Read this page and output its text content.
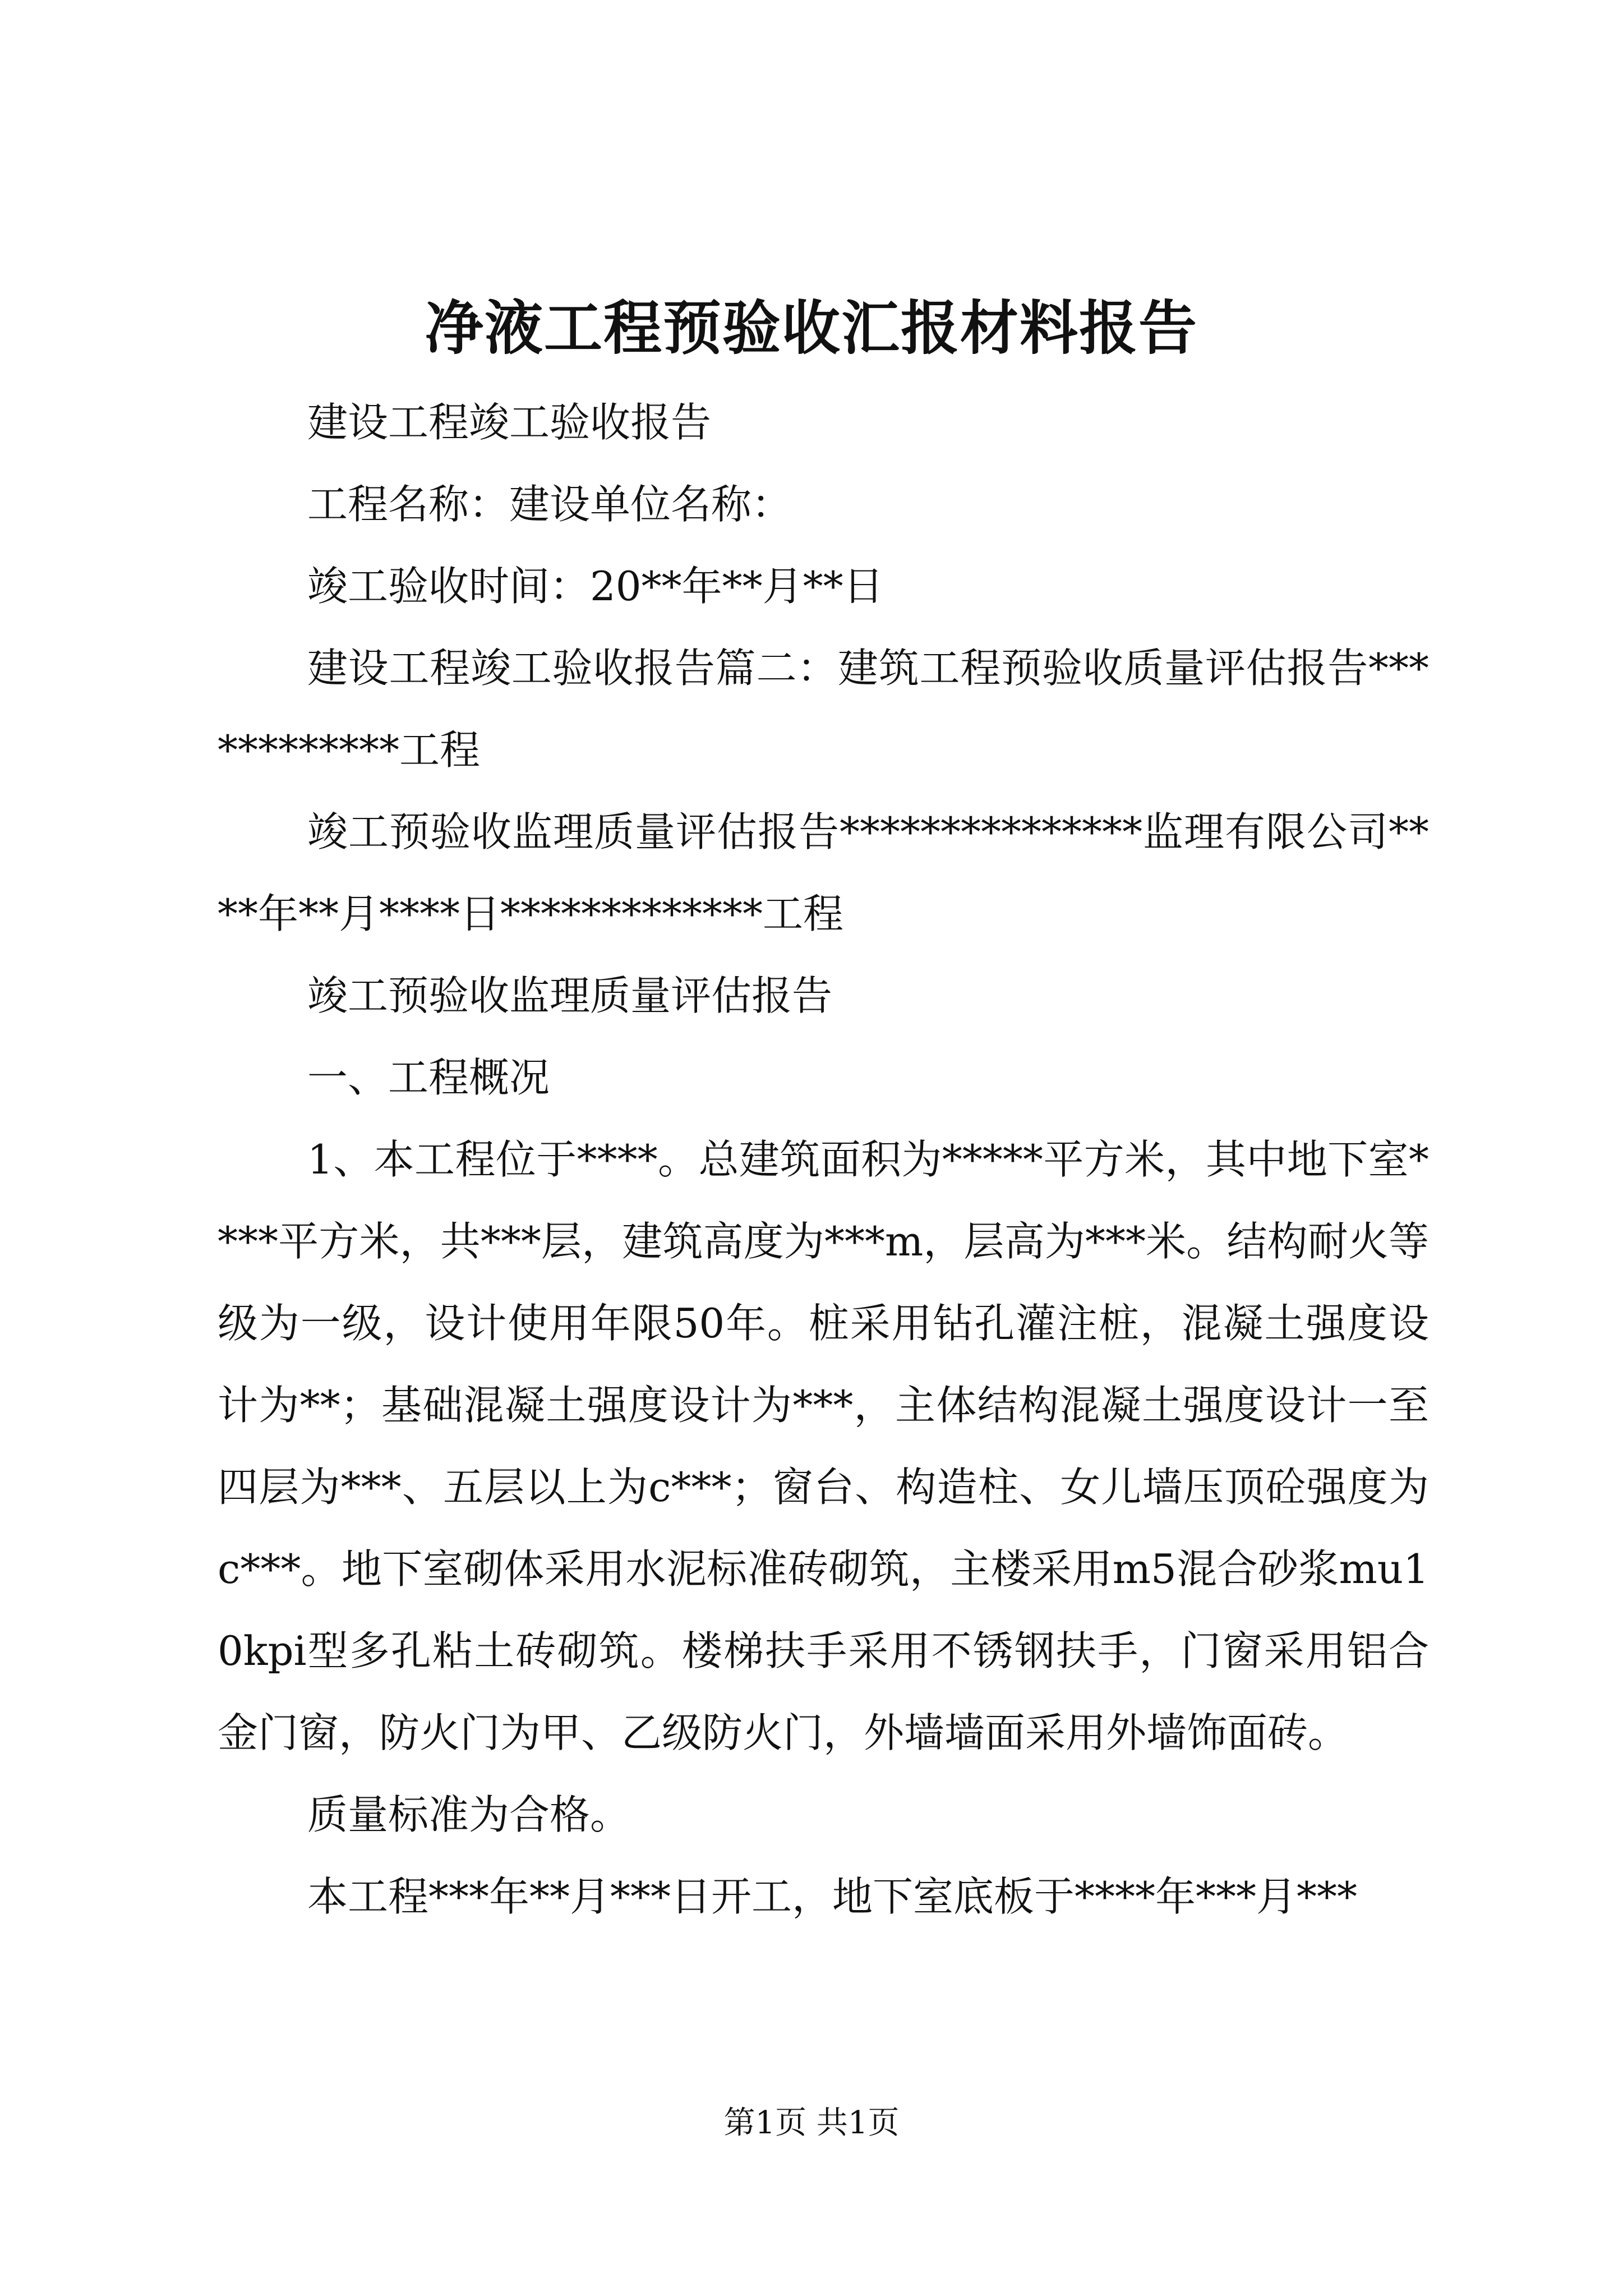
净液工程预验收汇报材料报告

建设工程竣工验收报告

工程名称：建设单位名称：

竣工验收时间：20**年**月**日

建设工程竣工验收报告篇二：建筑工程预验收质量评估报告************工程

竣工预验收监理质量评估报告***************监理有限公司****年**月****日*************工程

竣工预验收监理质量评估报告

一、工程概况

1、本工程位于****。总建筑面积为*****平方米，其中地下室****平方米，共***层，建筑高度为***m，层高为***米。结构耐火等级为一级，设计使用年限50年。桩采用钻孔灌注桩，混凝土强度设计为**；基础混凝土强度设计为***，主体结构混凝土强度设计一至四层为***、五层以上为c***；窗台、构造柱、女儿墙压顶砼强度为c***。地下室砌体采用水泥标准砖砌筑，主楼采用m5混合砂浆mu10kpi型多孔粘土砖砌筑。楼梯扶手采用不锈钢扶手，门窗采用铝合金门窗，防火门为甲、乙级防火门，外墙墙面采用外墙饰面砖。

质量标准为合格。

本工程***年**月***日开工，地下室底板于****年***月***

第1页 共1页
